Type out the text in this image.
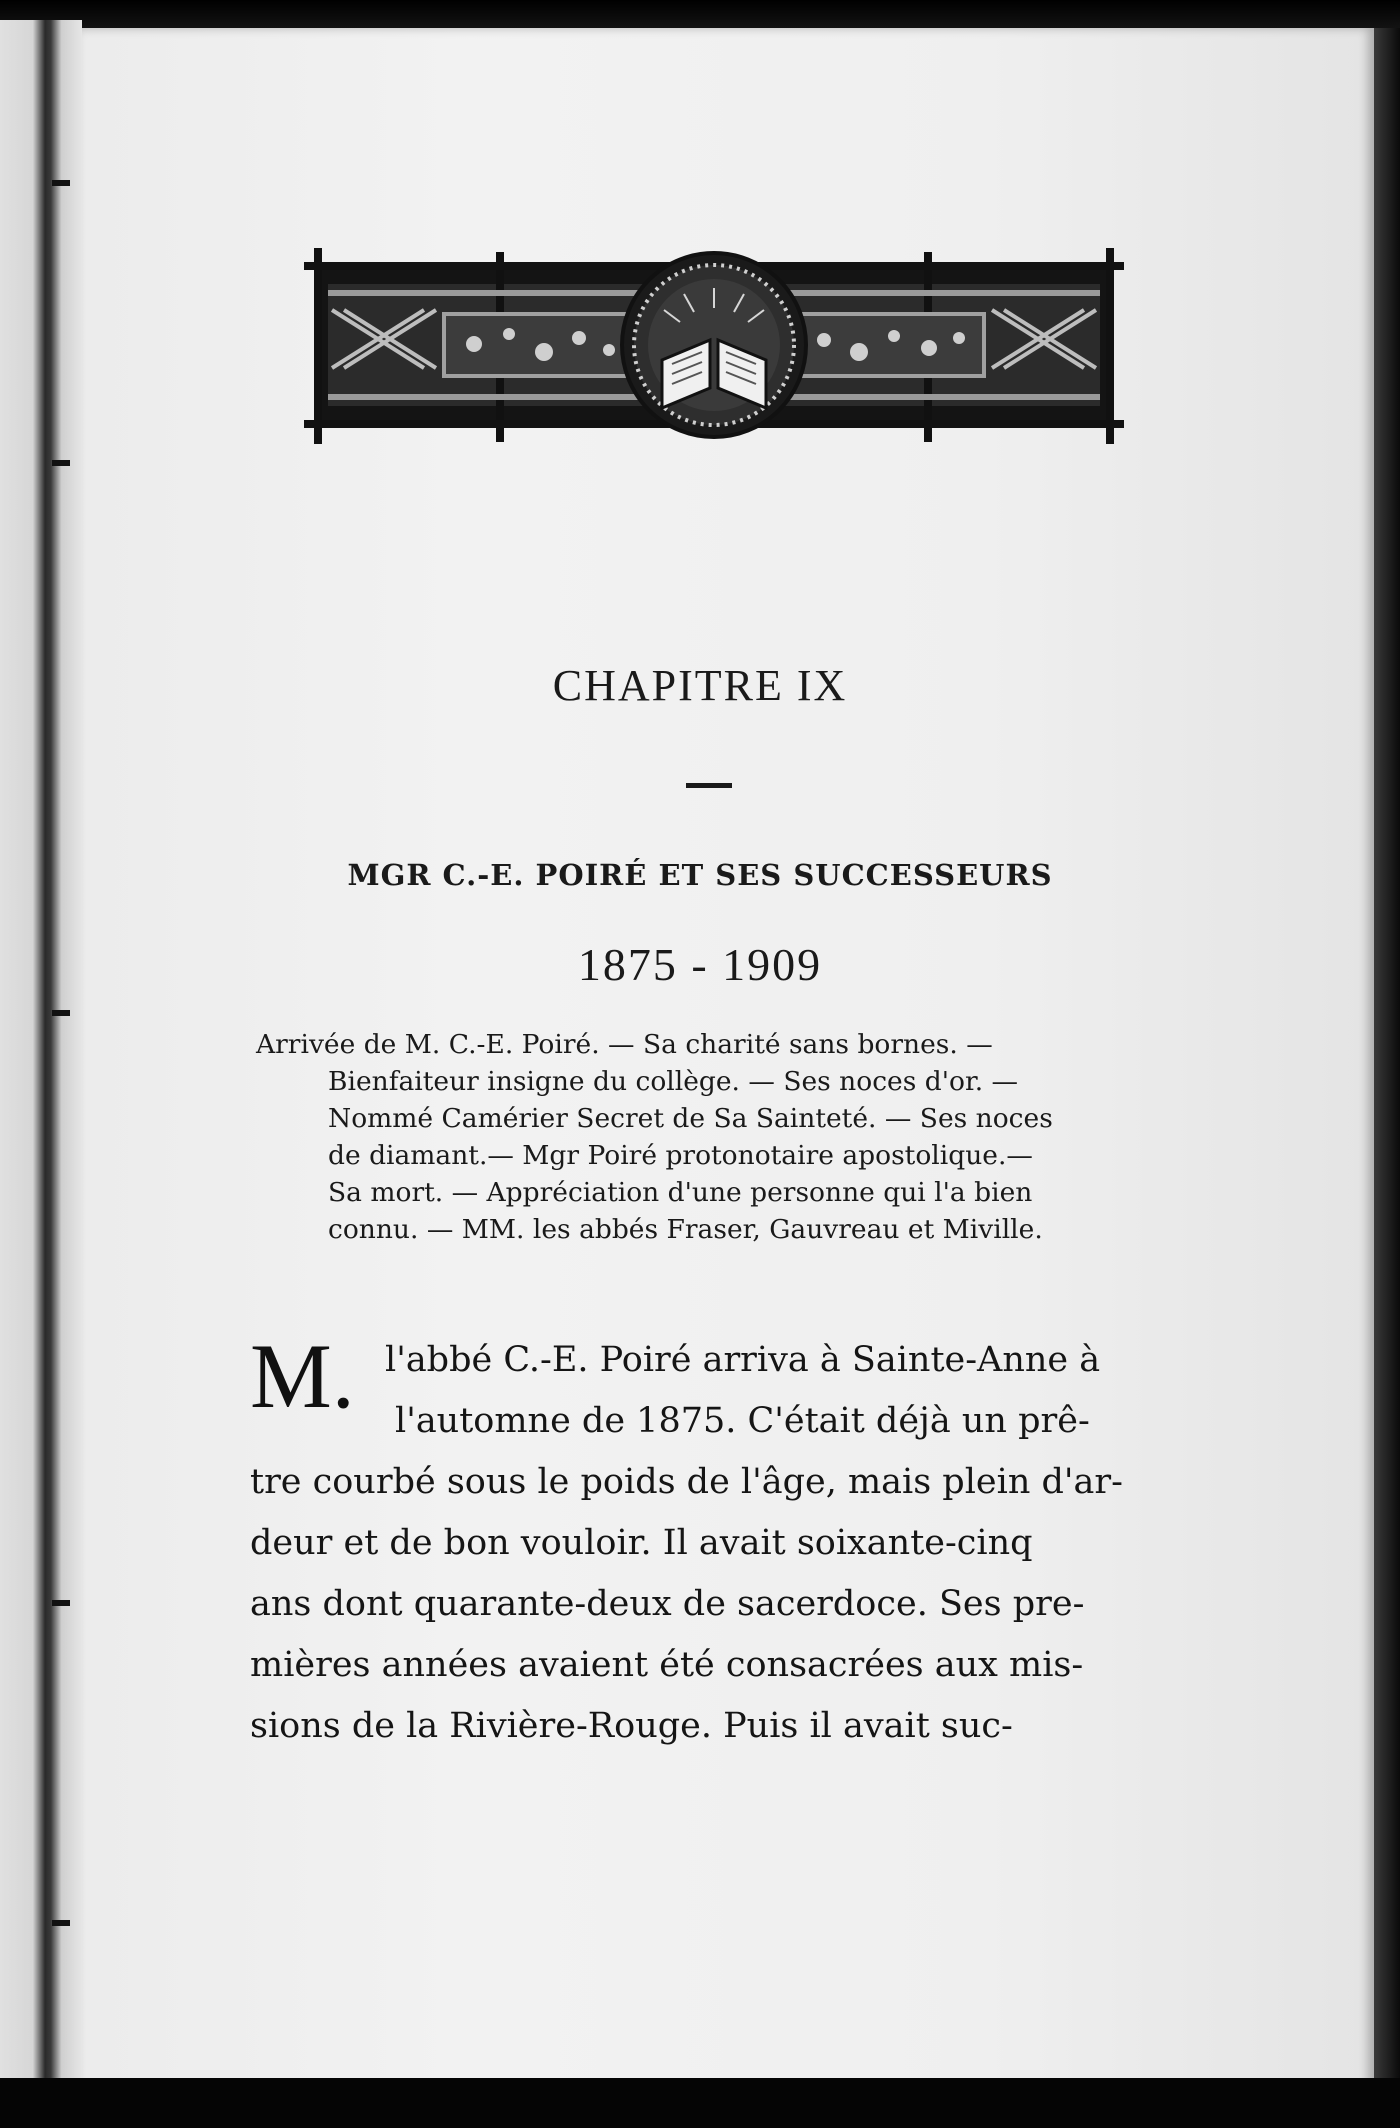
CHAPITRE IX
MGR C.-E. POIRÉ ET SES SUCCESSEURS
1875 - 1909
Arrivée de M. C.-E. Poiré. — Sa charité sans bornes. —
Bienfaiteur insigne du collège. — Ses noces d'or. —
Nommé Camérier Secret de Sa Sainteté. — Ses noces
de diamant.— Mgr Poiré protonotaire apostolique.—
Sa mort. — Appréciation d'une personne qui l'a bien
connu. — MM. les abbés Fraser, Gauvreau et Miville.
M. l'abbé C.-E. Poiré arriva à Sainte-Anne à
l'automne de 1875. C'était déjà un prê-
tre courbé sous le poids de l'âge, mais plein d'ar-
deur et de bon vouloir. Il avait soixante-cinq
ans dont quarante-deux de sacerdoce. Ses pre-
mières années avaient été consacrées aux mis-
sions de la Rivière-Rouge. Puis il avait suc-
